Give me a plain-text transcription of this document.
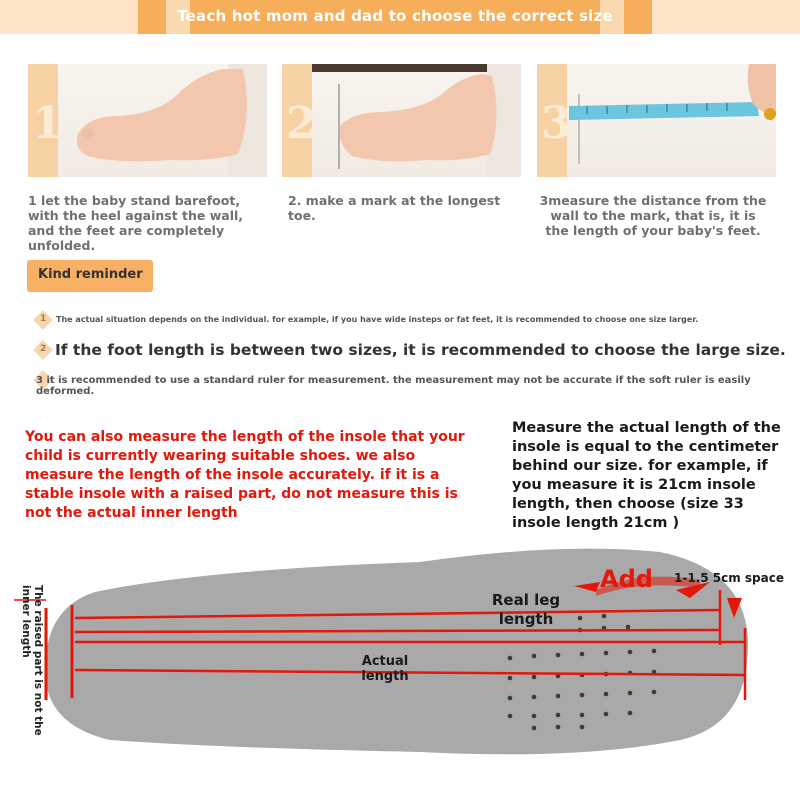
Teach hot mom and dad to choose the correct size
1
1 let the baby stand barefoot, with the heel against the wall, and the feet are completely unfolded.
2
2. make a mark at the longest toe.
3
3measure the distance from the wall to the mark, that is, it is the length of your baby's feet.
Kind reminder
1 The actual situation depends on the individual. for example, if you have wide insteps or fat feet, it is recommended to choose one size larger.
2 If the foot length is between two sizes, it is recommended to choose the large size.
3 it is recommended to use a standard ruler for measurement. the measurement may not be accurate if the soft ruler is easily deformed.
You can also measure the length of the insole that your child is currently wearing suitable shoes. we also measure the length of the insole accurately. if it is a stable insole with a raised part, do not measure this is not the actual inner length
Measure the actual length of the insole is equal to the centimeter behind our size. for example, if you measure it is 21cm insole length, then choose (size 33 insole length 21cm )
The raised part is not the inner length	Real leg length
Actual length
Add 1-1.5 5cm space
